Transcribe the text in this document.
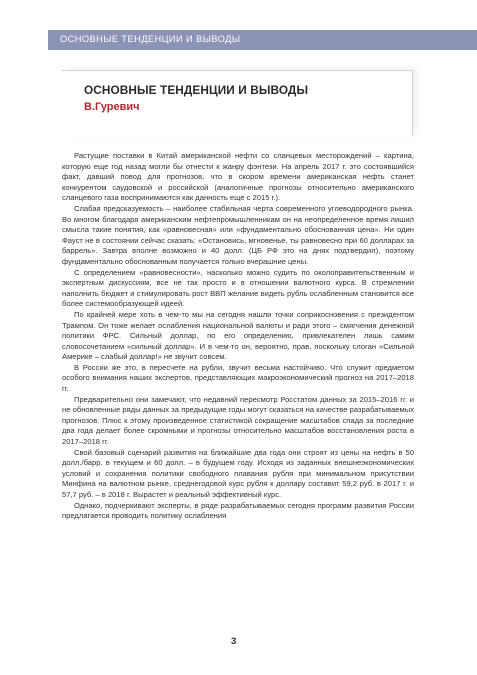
ОСНОВНЫЕ ТЕНДЕНЦИИ И ВЫВОДЫ
ОСНОВНЫЕ ТЕНДЕНЦИИ И ВЫВОДЫ
В.Гуревич

Растущие поставки в Китай американской нефти со сланцевых месторождений – картина, которую еще год назад могли бы отнести к жанру фэнтези. На апрель 2017 г. это состоявшийся факт, давший повод для прогнозов, что в скором времени американская нефть станет конкурентом саудовской и российской (аналогичные прогнозы относительно американского сланцевого газа воспринимаются как данность еще с 2015 г.).

Слабая предсказуемость – наиболее стабильная черта современного углеводородного рынка. Во многом благодаря американским нефтепромышленникам он на неопределенное время лишил смысла такие понятия, как «равновесная» или «фундаментально обоснованная цена». Ни один Фауст не в состоянии сейчас сказать: «Остановись, мгновенье, ты равновесно при 60 долларах за баррель». Завтра вполне возможно и 40 долл. (ЦБ РФ это на днях подтвердил), поэтому фундаментально обоснованным получается только вчерашние цены.

С определением «равновесности», насколько можно судить по околоправительственным и экспертным дискуссиям, все не так просто и в отношении валютного курса. В стремлении наполнить бюджет и стимулировать рост ВВП желание видеть рубль ослабленным становится все более системообразующей идеей.

По крайней мере хоть в чем-то мы на сегодня нашли точки соприкосновения с президентом Трампом. Он тоже желает ослабления национальной валюты и ради этого – смягчения денежной политики ФРС. Сильный доллар, по его определению, привлекателен лишь самим словосочетанием «сильный доллар». И в чем-то он, вероятно, прав, поскольку слоган «Сильной Америке – слабый доллар!» не звучит совсем.

В России же это, в пересчете на рубли, звучит весьма настойчиво. Что служит предметом особого внимания наших экспертов, представляющих макроэкономический прогноз на 2017–2018 гг.

Предварительно они замечают, что недавний пересмотр Росстатом данных за 2015–2016 гг. и не обновленные ряды данных за предыдущие годы могут сказаться на качестве разрабатываемых прогнозов. Плюс к этому произведенное статистикой сокращение масштабов спада за последние два года делает более скромными и прогнозы относительно масштабов восстановления роста в 2017–2018 гг.

Свой базовый сценарий развития на ближайшие два года они строят из цены на нефть в 50 долл./барр. в текущем и 60 долл. – в будущем году. Исходя из заданных внешнеэкономических условий и сохранения политики свободного плавания рубля при минимальном присутствии Минфина на валютном рынке, среднегодовой курс рубля к доллару составит 59,2 руб. в 2017 г. и 57,7 руб. – в 2018 г. Вырастет и реальный эффективный курс.

Однако, подчеркивают эксперты, в ряде разрабатываемых сегодня программ развития России предлагается проводить политику ослабления

3
